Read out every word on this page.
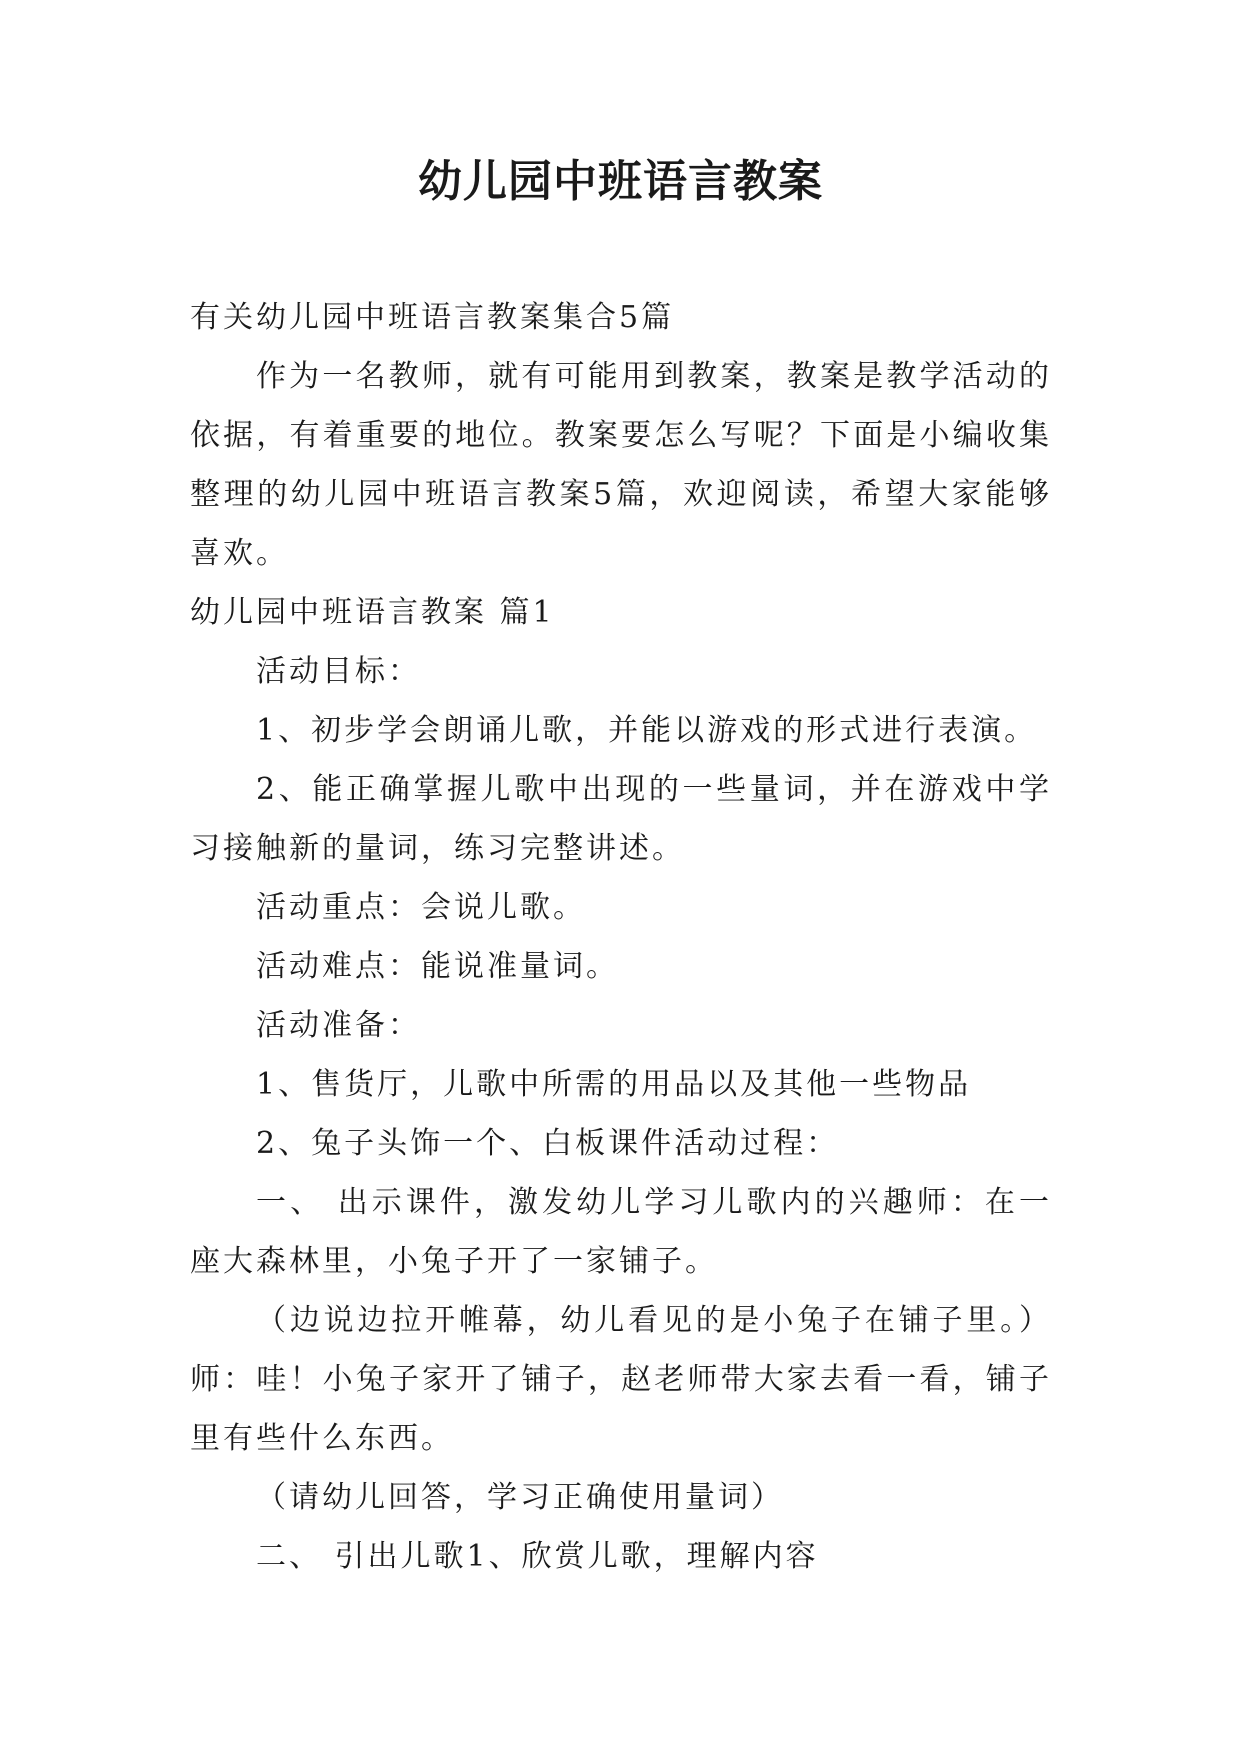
幼儿园中班语言教案

有关幼儿园中班语言教案集合5篇

作为一名教师，就有可能用到教案，教案是教学活动的依据，有着重要的地位。教案要怎么写呢？下面是小编收集整理的幼儿园中班语言教案5篇，欢迎阅读，希望大家能够喜欢。

幼儿园中班语言教案 篇1

活动目标：

1、初步学会朗诵儿歌，并能以游戏的形式进行表演。

2、能正确掌握儿歌中出现的一些量词，并在游戏中学习接触新的量词，练习完整讲述。

活动重点：会说儿歌。

活动难点：能说准量词。

活动准备：

1、售货厅，儿歌中所需的用品以及其他一些物品

2、兔子头饰一个、白板课件活动过程：

一、 出示课件，激发幼儿学习儿歌内的兴趣师：在一座大森林里，小兔子开了一家铺子。

（边说边拉开帷幕，幼儿看见的是小兔子在铺子里。）师：哇！小兔子家开了铺子，赵老师带大家去看一看，铺子里有些什么东西。

（请幼儿回答，学习正确使用量词）

二、 引出儿歌1、欣赏儿歌，理解内容
